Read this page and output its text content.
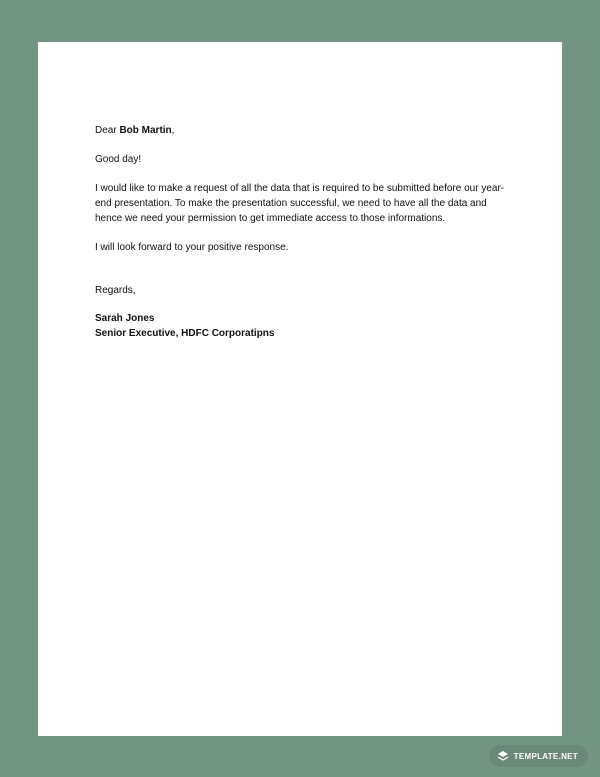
Dear Bob Martin,

Good day!

I would like to make a request of all the data that is required to be submitted before our year-end presentation. To make the presentation successful, we need to have all the data and hence we need your permission to get immediate access to those informations.

I will look forward to your positive response.

Regards,

Sarah Jones

Senior Executive, HDFC Corporatipns

TEMPLATE.NET
